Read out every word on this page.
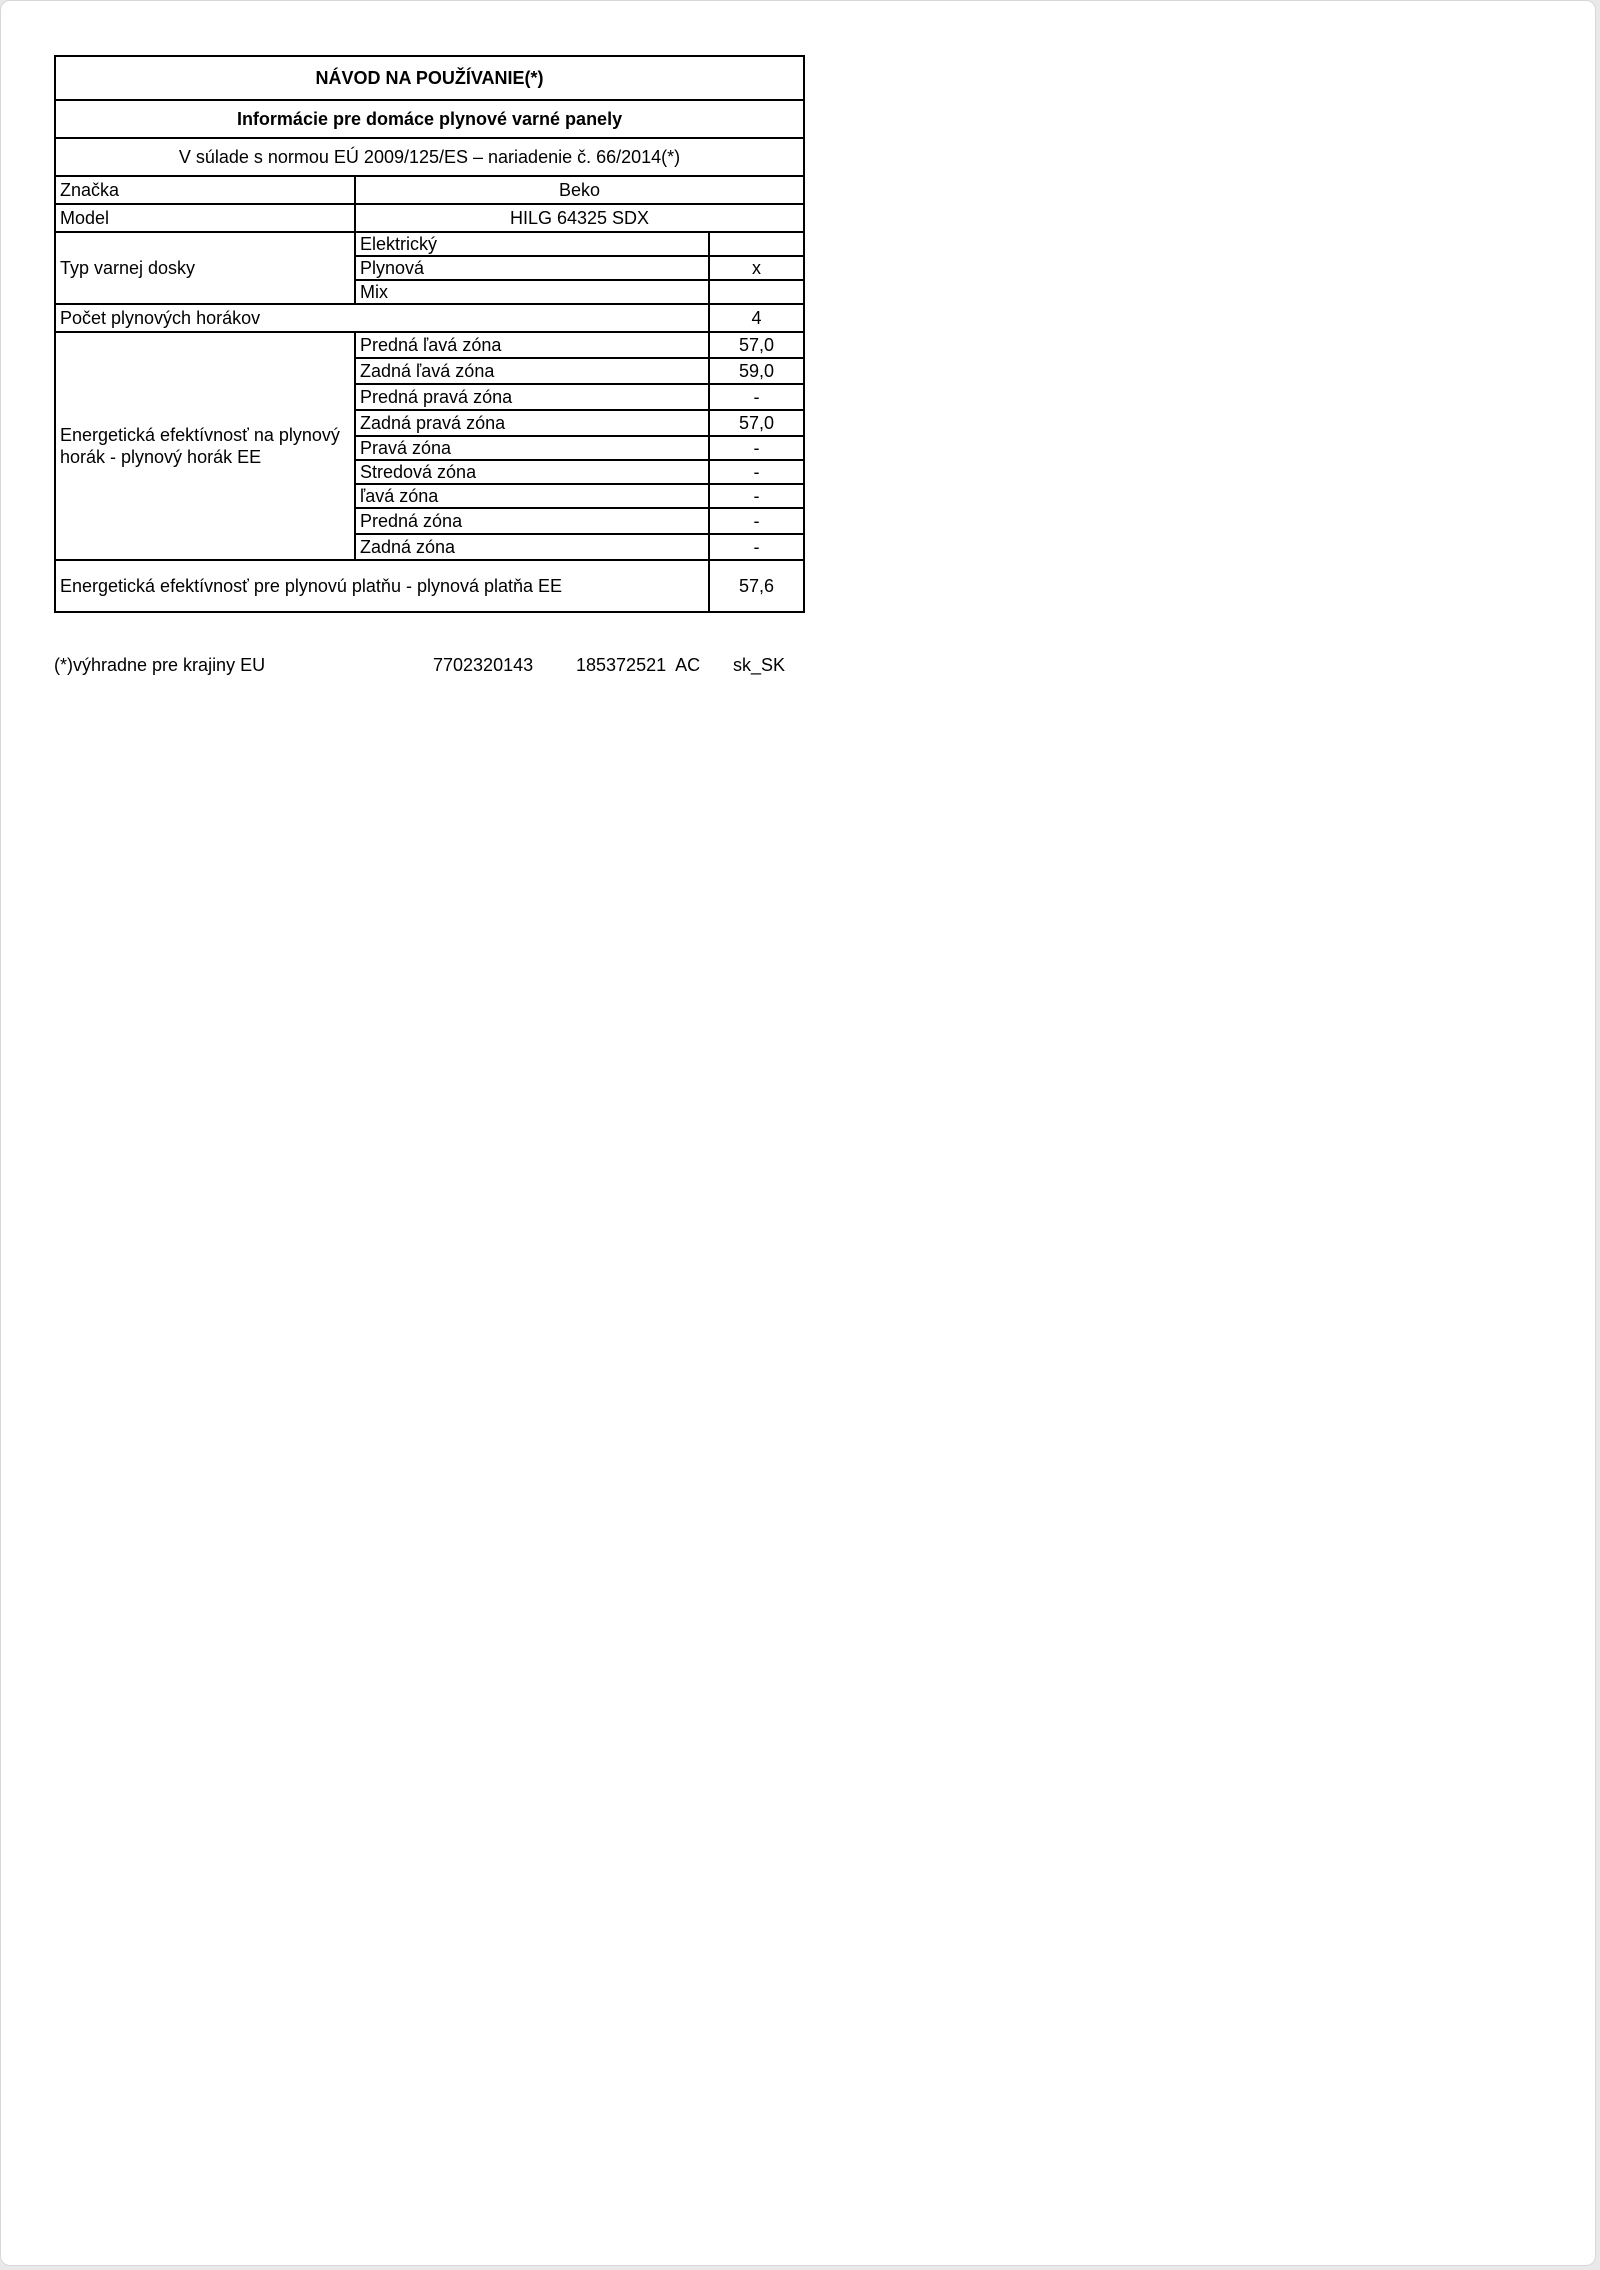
NÁVOD NA POUŽÍVANIE(*)		
Informácie pre domáce plynové varné panely		
V súlade s normou EÚ 2009/125/ES – nariadenie č. 66/2014(*)		
Značka	Beko	
Model	HILG 64325 SDX	
Typ varnej dosky	Elektrický	
	Plynová	x
	Mix	
Počet plynových horákov		4
Energetická efektívnosť na plynový horák - plynový horák EE	Predná ľavá zóna	57,0
	Zadná ľavá zóna	59,0
	Predná pravá zóna	-
	Zadná pravá zóna	57,0
	Pravá zóna	-
	Stredová zóna	-
	ľavá zóna	-
	Predná zóna	-
	Zadná zóna	-
Energetická efektívnosť pre plynovú platňu - plynová platňa EE		57,6
(*)výhradne pre krajiny EU	7702320143 185372521  AC sk_SK
